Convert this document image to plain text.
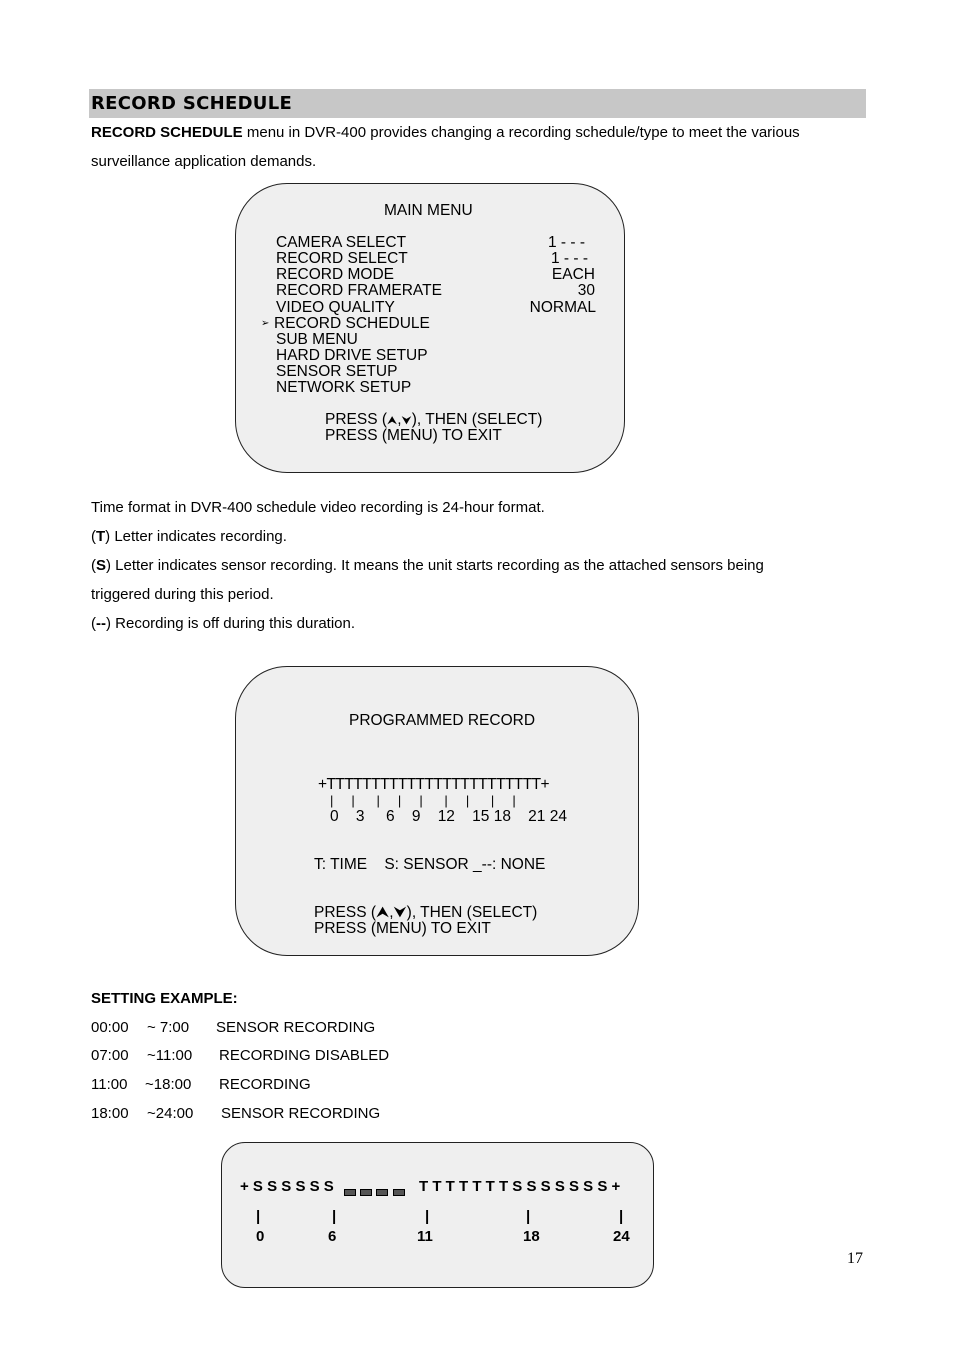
RECORD SCHEDULE
RECORD SCHEDULE menu in DVR-400 provides changing a recording schedule/type to meet the various
surveillance application demands.
MAIN MENU
CAMERA SELECT	1 - - -
RECORD SELECT	1 - - -
RECORD MODE	EACH
RECORD FRAMERATE	30
VIDEO QUALITY	NORMAL
➢ RECORD SCHEDULE
SUB MENU
HARD DRIVE SETUP
SENSOR SETUP
NETWORK SETUP
PRESS (⮝,⮟), THEN (SELECT)
PRESS (MENU) TO EXIT
Time format in DVR-400 schedule video recording is 24-hour format.
(T) Letter indicates recording.
(S) Letter indicates sensor recording. It means the unit starts recording as the attached sensors being
triggered during this period.
(--) Recording is off during this duration.
PROGRAMMED RECORD
+TTTTTTTTTTTTTTTTTTTTTTTT+
|     |      |     |     |      |     |      |     |
0    3     6    9    12    15 18    21 24
T: TIME    S: SENSOR _--: NONE
PRESS (⮝,⮟), THEN (SELECT)
PRESS (MENU) TO EXIT
SETTING EXAMPLE:
00:00 ~ 7:00 SENSOR RECORDING
07:00 ~11:00 RECORDING DISABLED
11:00 ~18:00 RECORDING
18:00 ~24:00 SENSOR RECORDING
+ S S S S S S
	T T T T T T T S S S S S S S +
|	|	|	|	|
0	6	11	18	24
17
